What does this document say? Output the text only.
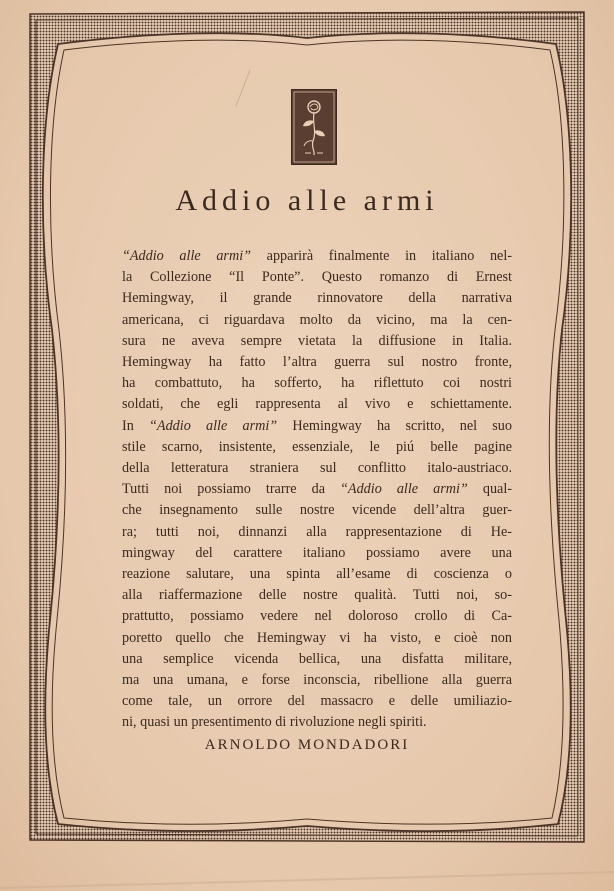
Addio alle armi
“Addio alle armi” apparirà finalmente in italiano nel-
la Collezione “Il Ponte”. Questo romanzo di Ernest
Hemingway, il grande rinnovatore della narrativa
americana, ci riguardava molto da vicino, ma la cen-
sura ne aveva sempre vietata la diffusione in Italia.
Hemingway ha fatto l’altra guerra sul nostro fronte,
ha combattuto, ha sofferto, ha riflettuto coi nostri
soldati, che egli rappresenta al vivo e schiettamente.
In “Addio alle armi” Hemingway ha scritto, nel suo
stile scarno, insistente, essenziale, le piú belle pagine
della letteratura straniera sul conflitto italo-austriaco.
Tutti noi possiamo trarre da “Addio alle armi” qual-
che insegnamento sulle nostre vicende dell’altra guer-
ra; tutti noi, dinnanzi alla rappresentazione di He-
mingway del carattere italiano possiamo avere una
reazione salutare, una spinta all’esame di coscienza o
alla riaffermazione delle nostre qualità. Tutti noi, so-
prattutto, possiamo vedere nel doloroso crollo di Ca-
poretto quello che Hemingway vi ha visto, e cioè non
una semplice vicenda bellica, una disfatta militare,
ma una umana, e forse inconscia, ribellione alla guerra
come tale, un orrore del massacro e delle umiliazio-
ni, quasi un presentimento di rivoluzione negli spiriti.
ARNOLDO MONDADORI
